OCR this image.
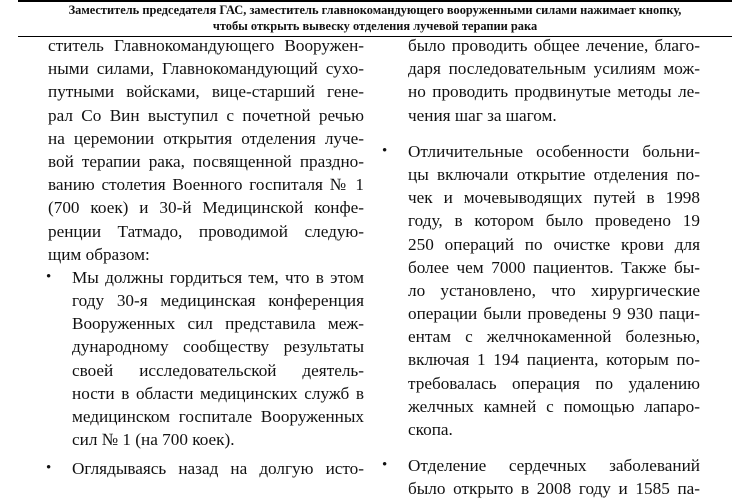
Заместитель председателя ГАС, заместитель главнокомандующего вооруженными силами нажимает кнопку,
чтобы открыть вывеску отделения лучевой терапии рака
ститель Главнокомандующего Вооружен-
ными силами, Главнокомандующий сухо-
путными войсками, вице-старший гене-
рал Со Вин выступил с почетной речью
на церемонии открытия отделения луче-
вой терапии рака, посвященной праздно-
ванию столетия Военного госпиталя № 1
(700 коек) и 30-й Медицинской конфе-
ренции Татмадо, проводимой следую-
щим образом:
• Мы должны гордиться тем, что в этом
году 30-я медицинская конференция
Вооруженных сил представила меж-
дународному сообществу результаты
своей исследовательской деятель-
ности в области медицинских служб в
медицинском госпитале Вооруженных
сил № 1 (на 700 коек).
• Оглядываясь назад на долгую исто-
было проводить общее лечение, благо-
даря последовательным усилиям мож-
но проводить продвинутые методы ле-
чения шаг за шагом.
• Отличительные особенности больни-
цы включали открытие отделения по-
чек и мочевыводящих путей в 1998
году, в котором было проведено 19
250 операций по очистке крови для
более чем 7000 пациентов. Также бы-
ло установлено, что хирургические
операции были проведены 9 930 паци-
ентам с желчнокаменной болезнью,
включая 1 194 пациента, которым по-
требовалась операция по удалению
желчных камней с помощью лапаро-
скопа.
• Отделение сердечных заболеваний
было открыто в 2008 году и 1585 па-
